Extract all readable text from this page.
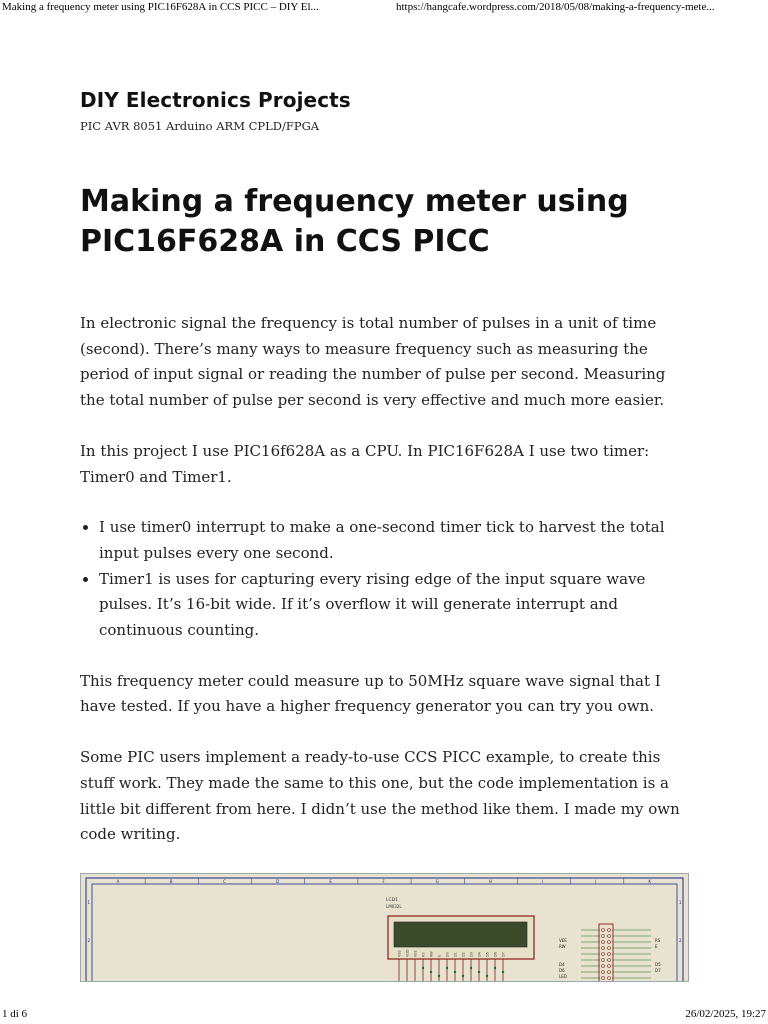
Making a frequency meter using PIC16F628A in CCS PICC – DIY El...	https://hangcafe.wordpress.com/2018/05/08/making-a-frequency-mete...
DIY Electronics Projects
PIC AVR 8051 Arduino ARM CPLD/FPGA
Making a frequency meter using PIC16F628A in CCS PICC

In electronic signal the frequency is total number of pulses in a unit of time (second). There’s many ways to measure frequency such as measuring the period of input signal or reading the number of pulse per second. Measuring the total number of pulse per second is very effective and much more easier.

In this project I use PIC16f628A as a CPU. In PIC16F628A I use two timer: Timer0 and Timer1.

• I use timer0 interrupt to make a one-second timer tick to harvest the total input pulses every one second.
• Timer1 is uses for capturing every rising edge of the input square wave pulses. It’s 16-bit wide. If it’s overflow it will generate interrupt and continuous counting.

This frequency meter could measure up to 50MHz square wave signal that I have tested. If you have a higher frequency generator you can try you own.

Some PIC users implement a ready-to-use CCS PICC example, to create this stuff work. They made the same to this one, but the code implementation is a little bit different from here. I didn’t use the method like them. I made my own code writing.

A	B	C	D	E	F	G	H	I	J	K
1	1
2	2
LCD1
LM032L
VSS VDD VEE RS RW E D0 D1 D2 D3 D4 D5 D6 D7
VEE
RW
D4
D6
LED
RS
E
D5
D7
1 di 6	26/02/2025, 19:27
